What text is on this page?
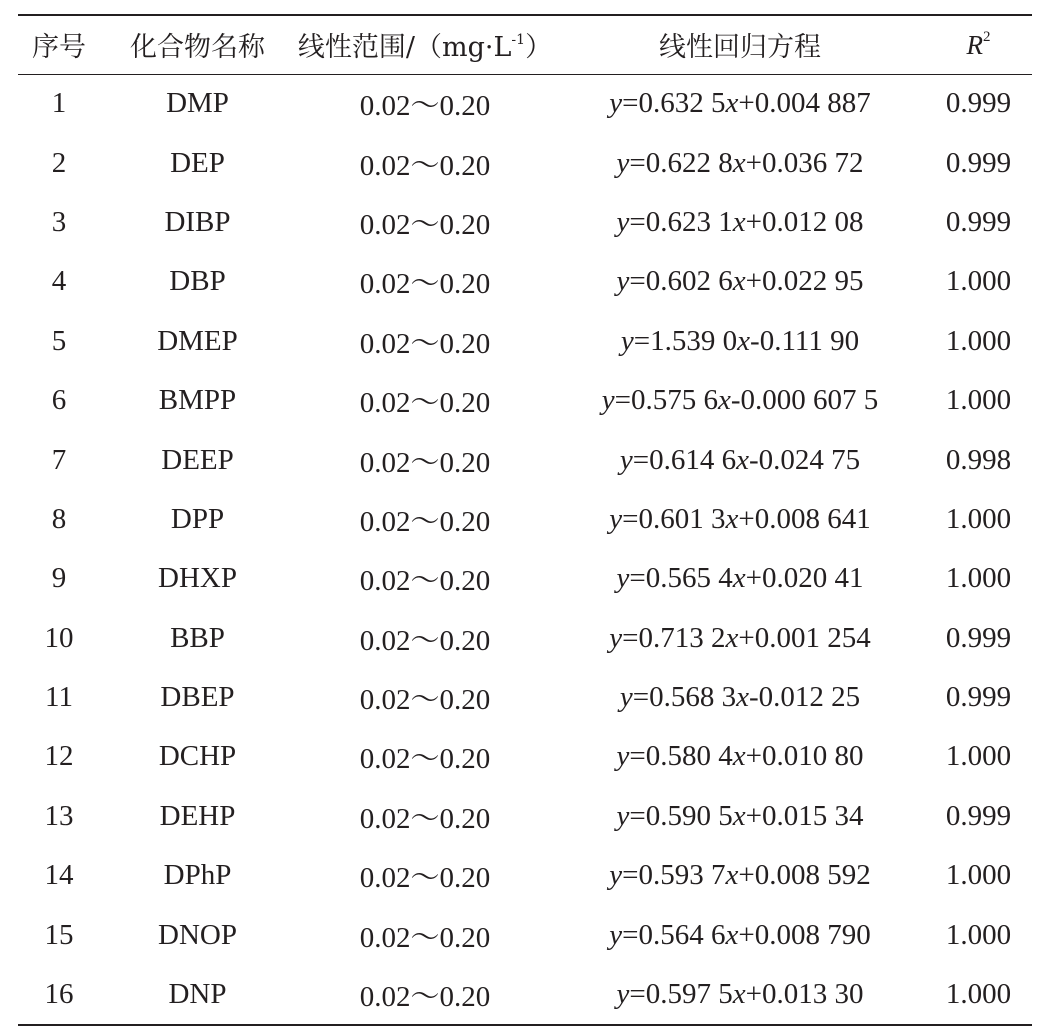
序号	化合物名称	线性范围$/(mg\cdot L^{-1})$	线性回归方程	$R^2$
1	DMP	0.02～0.20	y=0.632 5x+0.004 887	0.999
2	DEP	0.02～0.20	y=0.622 8x+0.036 72	0.999
3	DIBP	0.02～0.20	y=0.623 1x+0.012 08	0.999
4	DBP	0.02～0.20	y=0.602 6x+0.022 95	1.000
5	DMEP	0.02～0.20	y=1.539 0x-0.111 90	1.000
6	BMPP	0.02～0.20	y=0.575 6x-0.000 607 5	1.000
7	DEEP	0.02～0.20	y=0.614 6x-0.024 75	0.998
8	DPP	0.02～0.20	y=0.601 3x+0.008 641	1.000
9	DHXP	0.02～0.20	y=0.565 4x+0.020 41	1.000
10	BBP	0.02～0.20	y=0.713 2x+0.001 254	0.999
11	DBEP	0.02～0.20	y=0.568 3x-0.012 25	0.999
12	DCHP	0.02～0.20	y=0.580 4x+0.010 80	1.000
13	DEHP	0.02～0.20	y=0.590 5x+0.015 34	0.999
14	DPhP	0.02～0.20	y=0.593 7x+0.008 592	1.000
15	DNOP	0.02～0.20	y=0.564 6x+0.008 790	1.000
16	DNP	0.02～0.20	y=0.597 5x+0.013 30	1.000
